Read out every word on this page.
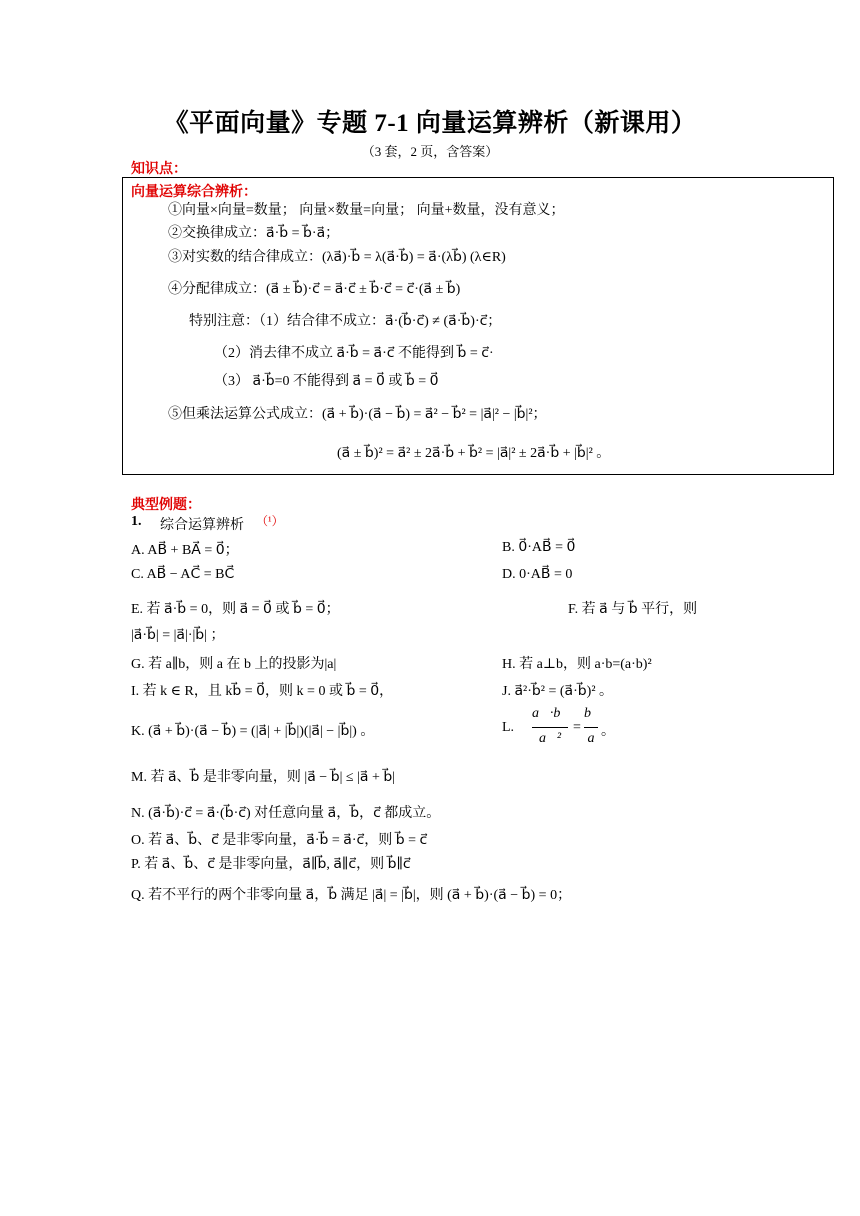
《平面向量》专题 7-1 向量运算辨析（新课用）
（3 套，2 页，含答案）
知识点：
向量运算综合辨析：
①向量×向量=数量； 向量×数量=向量； 向量+数量，没有意义；
②交换律成立：a⃗·b⃗ = b⃗·a⃗；
③对实数的结合律成立：(λa⃗)·b⃗ = λ(a⃗·b⃗) = a⃗·(λb⃗) (λ∈R)
④分配律成立：(a⃗ ± b⃗)·c⃗ = a⃗·c⃗ ± b⃗·c⃗ = c⃗·(a⃗ ± b⃗)
特别注意：（1）结合律不成立：a⃗·(b⃗·c⃗) ≠ (a⃗·b⃗)·c⃗；
（2）消去律不成立 a⃗·b⃗ = a⃗·c⃗ 不能得到 b⃗ = c⃗·
（3） a⃗·b⃗=0 不能得到 a⃗ = 0⃗ 或 b⃗ = 0⃗
⑤但乘法运算公式成立：(a⃗ + b⃗)·(a⃗ − b⃗) = a⃗² − b⃗² = |a⃗|² − |b⃗|²；
(a⃗ ± b⃗)² = a⃗² ± 2a⃗·b⃗ + b⃗² = |a⃗|² ± 2a⃗·b⃗ + |b⃗|² 。
典型例题：
1. 综合运算辨析 （¹）
A. AB⃗ + BA⃗ = 0⃗；	B. 0⃗·AB⃗ = 0⃗
C. AB⃗ − AC⃗ = BC⃗	D. 0·AB⃗ = 0
E. 若 a⃗·b⃗ = 0，则 a⃗ = 0⃗ 或 b⃗ = 0⃗；	F. 若 a⃗ 与 b⃗ 平行，则
|a⃗·b⃗| = |a⃗|·|b⃗| ；
G. 若 a∥b，则 a 在 b 上的投影为|a|	H. 若 a⊥b，则 a·b=(a·b)²
I. 若 k ∈ R，且 kb⃗ = 0⃗，则 k = 0 或 b⃗ = 0⃗，	J. a⃗²·b⃗² = (a⃗·b⃗)² 。
K. (a⃗ + b⃗)·(a⃗ − b⃗) = (|a⃗| + |b⃗|)(|a⃗| − |b⃗|) 。	L.
a⃗·b⃗
a⃗²
=
b⃗
a 。
M. 若 a⃗、b⃗ 是非零向量，则 |a⃗ − b⃗| ≤ |a⃗ + b⃗|
N. (a⃗·b⃗)·c⃗ = a⃗·(b⃗·c⃗) 对任意向量 a⃗，b⃗，c⃗ 都成立。
O. 若 a⃗、b⃗、c⃗ 是非零向量，a⃗·b⃗ = a⃗·c⃗，则 b⃗ = c⃗
P. 若 a⃗、b⃗、c⃗ 是非零向量，a⃗∥b⃗, a⃗∥c⃗，则 b⃗∥c⃗
Q. 若不平行的两个非零向量 a⃗，b⃗ 满足 |a⃗| = |b⃗|，则 (a⃗ + b⃗)·(a⃗ − b⃗) = 0；
